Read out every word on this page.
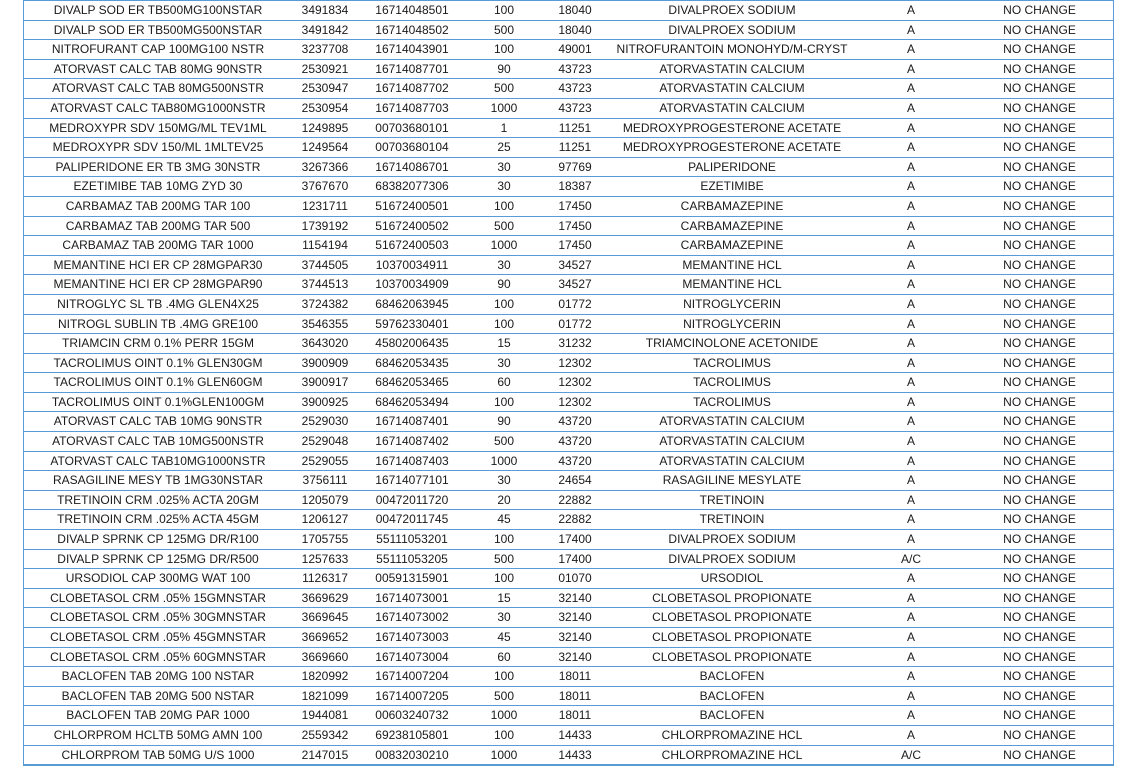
DIVALP SOD ER TB500MG100NSTAR	3491834	16714048501	100	18040	DIVALPROEX SODIUM	A	NO CHANGE
DIVALP SOD ER TB500MG500NSTAR	3491842	16714048502	500	18040	DIVALPROEX SODIUM	A	NO CHANGE
NITROFURANT CAP 100MG100 NSTR	3237708	16714043901	100	49001	NITROFURANTOIN MONOHYD/M-CRYST	A	NO CHANGE
ATORVAST CALC TAB 80MG 90NSTR	2530921	16714087701	90	43723	ATORVASTATIN CALCIUM	A	NO CHANGE
ATORVAST CALC TAB 80MG500NSTR	2530947	16714087702	500	43723	ATORVASTATIN CALCIUM	A	NO CHANGE
ATORVAST CALC TAB80MG1000NSTR	2530954	16714087703	1000	43723	ATORVASTATIN CALCIUM	A	NO CHANGE
MEDROXYPR SDV 150MG/ML TEV1ML	1249895	00703680101	1	11251	MEDROXYPROGESTERONE ACETATE	A	NO CHANGE
MEDROXYPR SDV 150/ML 1MLTEV25	1249564	00703680104	25	11251	MEDROXYPROGESTERONE ACETATE	A	NO CHANGE
PALIPERIDONE ER TB 3MG 30NSTR	3267366	16714086701	30	97769	PALIPERIDONE	A	NO CHANGE
EZETIMIBE TAB 10MG ZYD 30	3767670	68382077306	30	18387	EZETIMIBE	A	NO CHANGE
CARBAMAZ TAB 200MG TAR 100	1231711	51672400501	100	17450	CARBAMAZEPINE	A	NO CHANGE
CARBAMAZ TAB 200MG TAR 500	1739192	51672400502	500	17450	CARBAMAZEPINE	A	NO CHANGE
CARBAMAZ TAB 200MG TAR 1000	1154194	51672400503	1000	17450	CARBAMAZEPINE	A	NO CHANGE
MEMANTINE HCI ER CP 28MGPAR30	3744505	10370034911	30	34527	MEMANTINE HCL	A	NO CHANGE
MEMANTINE HCI ER CP 28MGPAR90	3744513	10370034909	90	34527	MEMANTINE HCL	A	NO CHANGE
NITROGLYC SL TB .4MG GLEN4X25	3724382	68462063945	100	01772	NITROGLYCERIN	A	NO CHANGE
NITROGL SUBLIN TB .4MG GRE100	3546355	59762330401	100	01772	NITROGLYCERIN	A	NO CHANGE
TRIAMCIN CRM 0.1% PERR 15GM	3643020	45802006435	15	31232	TRIAMCINOLONE ACETONIDE	A	NO CHANGE
TACROLIMUS OINT 0.1% GLEN30GM	3900909	68462053435	30	12302	TACROLIMUS	A	NO CHANGE
TACROLIMUS OINT 0.1% GLEN60GM	3900917	68462053465	60	12302	TACROLIMUS	A	NO CHANGE
TACROLIMUS OINT 0.1%GLEN100GM	3900925	68462053494	100	12302	TACROLIMUS	A	NO CHANGE
ATORVAST CALC TAB 10MG 90NSTR	2529030	16714087401	90	43720	ATORVASTATIN CALCIUM	A	NO CHANGE
ATORVAST CALC TAB 10MG500NSTR	2529048	16714087402	500	43720	ATORVASTATIN CALCIUM	A	NO CHANGE
ATORVAST CALC TAB10MG1000NSTR	2529055	16714087403	1000	43720	ATORVASTATIN CALCIUM	A	NO CHANGE
RASAGILINE MESY TB 1MG30NSTAR	3756111	16714077101	30	24654	RASAGILINE MESYLATE	A	NO CHANGE
TRETINOIN CRM .025% ACTA 20GM	1205079	00472011720	20	22882	TRETINOIN	A	NO CHANGE
TRETINOIN CRM .025% ACTA 45GM	1206127	00472011745	45	22882	TRETINOIN	A	NO CHANGE
DIVALP SPRNK CP 125MG DR/R100	1705755	55111053201	100	17400	DIVALPROEX SODIUM	A	NO CHANGE
DIVALP SPRNK CP 125MG DR/R500	1257633	55111053205	500	17400	DIVALPROEX SODIUM	A/C	NO CHANGE
URSODIOL CAP 300MG WAT 100	1126317	00591315901	100	01070	URSODIOL	A	NO CHANGE
CLOBETASOL CRM .05% 15GMNSTAR	3669629	16714073001	15	32140	CLOBETASOL PROPIONATE	A	NO CHANGE
CLOBETASOL CRM .05% 30GMNSTAR	3669645	16714073002	30	32140	CLOBETASOL PROPIONATE	A	NO CHANGE
CLOBETASOL CRM .05% 45GMNSTAR	3669652	16714073003	45	32140	CLOBETASOL PROPIONATE	A	NO CHANGE
CLOBETASOL CRM .05% 60GMNSTAR	3669660	16714073004	60	32140	CLOBETASOL PROPIONATE	A	NO CHANGE
BACLOFEN TAB 20MG 100 NSTAR	1820992	16714007204	100	18011	BACLOFEN	A	NO CHANGE
BACLOFEN TAB 20MG 500 NSTAR	1821099	16714007205	500	18011	BACLOFEN	A	NO CHANGE
BACLOFEN TAB 20MG PAR 1000	1944081	00603240732	1000	18011	BACLOFEN	A	NO CHANGE
CHLORPROM HCLTB 50MG AMN 100	2559342	69238105801	100	14433	CHLORPROMAZINE HCL	A	NO CHANGE
CHLORPROM TAB 50MG U/S 1000	2147015	00832030210	1000	14433	CHLORPROMAZINE HCL	A/C	NO CHANGE
